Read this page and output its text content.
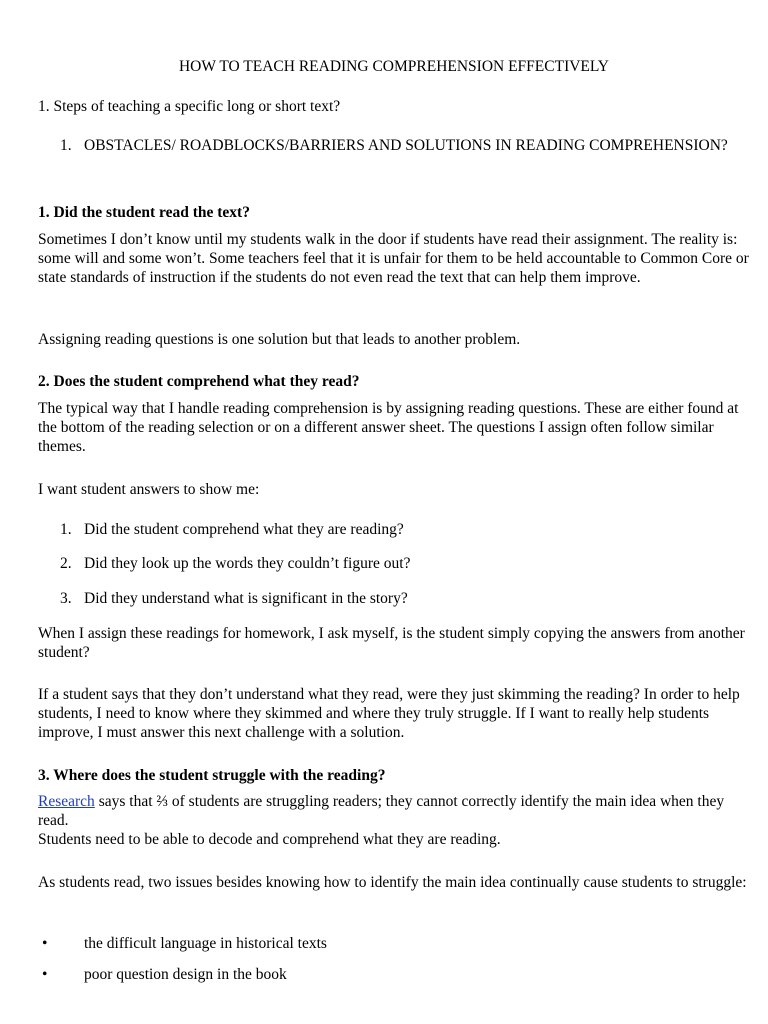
HOW TO TEACH READING COMPREHENSION EFFECTIVELY

1. Steps of teaching a specific long or short text?

1. OBSTACLES/ ROADBLOCKS/BARRIERS AND SOLUTIONS IN READING COMPREHENSION?

1. Did the student read the text?

Sometimes I don’t know until my students walk in the door if students have read their assignment. The reality is: some will and some won’t. Some teachers feel that it is unfair for them to be held accountable to Common Core or state standards of instruction if the students do not even read the text that can help them improve.

Assigning reading questions is one solution but that leads to another problem.

2. Does the student comprehend what they read?

The typical way that I handle reading comprehension is by assigning reading questions. These are either found at the bottom of the reading selection or on a different answer sheet. The questions I assign often follow similar themes.

I want student answers to show me:

1. Did the student comprehend what they are reading?
2. Did they look up the words they couldn’t figure out?
3. Did they understand what is significant in the story?

When I assign these readings for homework, I ask myself, is the student simply copying the answers from another student?

If a student says that they don’t understand what they read, were they just skimming the reading? In order to help students, I need to know where they skimmed and where they truly struggle. If I want to really help students improve, I must answer this next challenge with a solution.

3. Where does the student struggle with the reading?

Research says that ⅔ of students are struggling readers; they cannot correctly identify the main idea when they read.

Students need to be able to decode and comprehend what they are reading.

As students read, two issues besides knowing how to identify the main idea continually cause students to struggle:

• the difficult language in historical texts
• poor question design in the book
